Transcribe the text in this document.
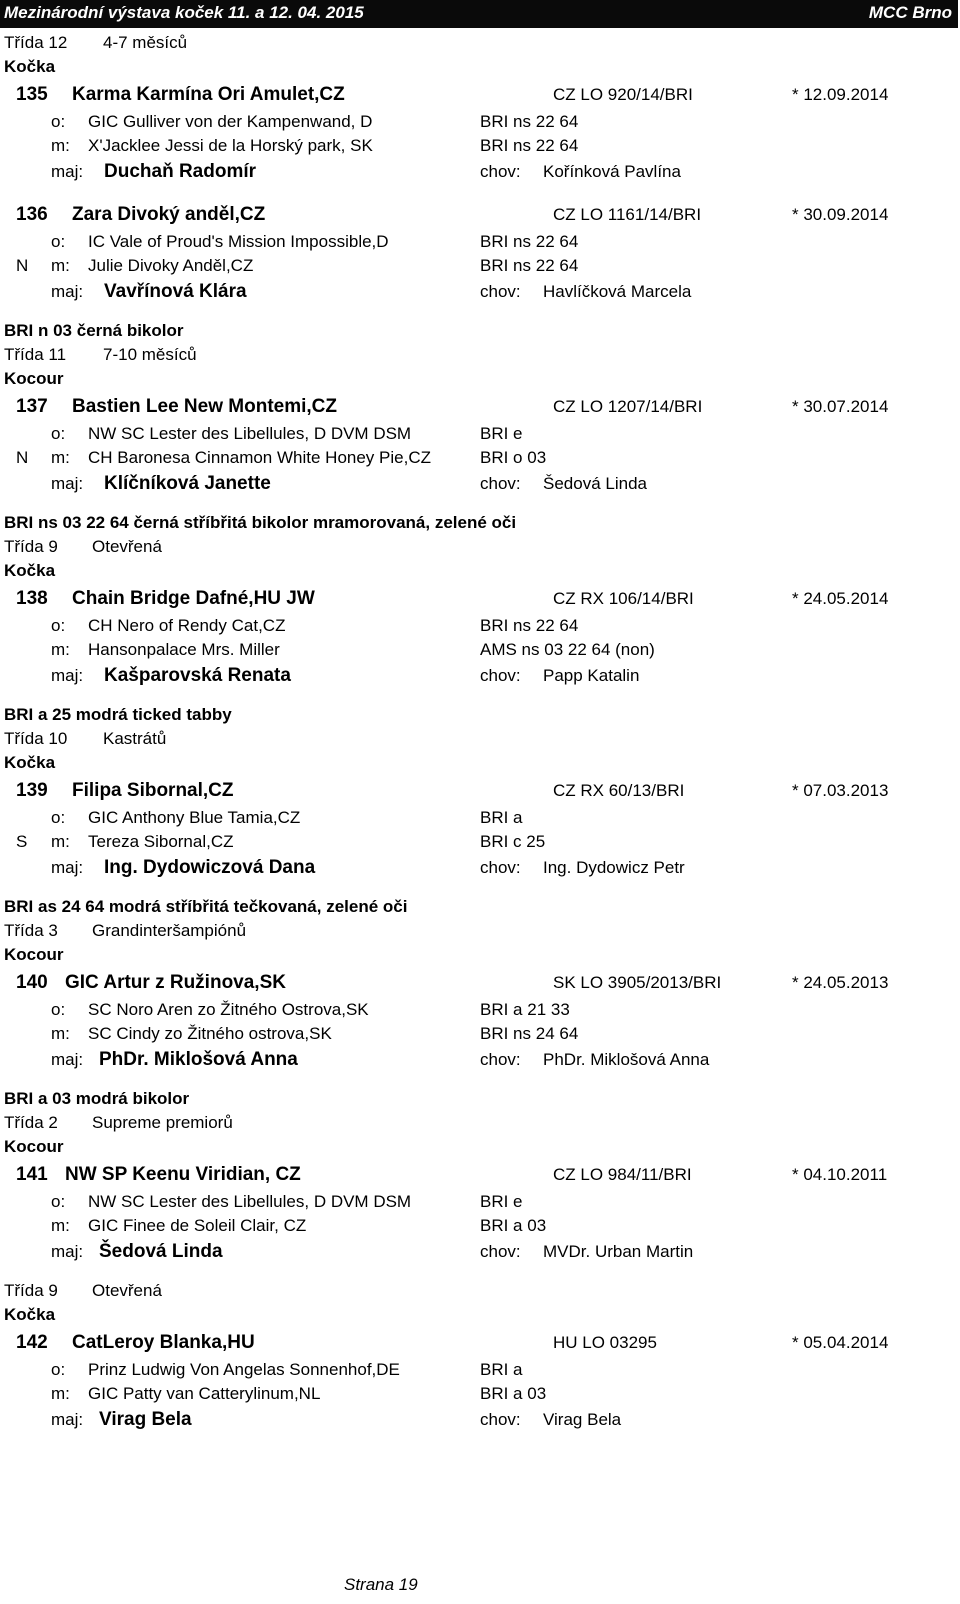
Mezinárodní výstava koček 11. a 12. 04. 2015	MCC Brno
Třída 12 4-7 měsíců
Kočka
135 Karma Karmína Ori Amulet,CZ	CZ LO 920/14/BRI	* 12.09.2014
o: GIC Gulliver von der Kampenwand, D	BRI ns 22 64
m: X'Jacklee Jessi de la Horský park, SK	BRI ns 22 64
maj: Duchaň Radomír	chov: Kořínková Pavlína
136 Zara Divoký anděl,CZ	CZ LO 1161/14/BRI	* 30.09.2014
o: IC Vale of Proud's Mission Impossible,D	BRI ns 22 64
N m: Julie Divoky Anděl,CZ	BRI ns 22 64
maj: Vavřínová Klára	chov: Havlíčková Marcela
BRI n 03 černá bikolor
Třída 11 7-10 měsíců
Kocour
137 Bastien Lee New Montemi,CZ	CZ LO 1207/14/BRI	* 30.07.2014
o: NW SC Lester des Libellules, D DVM DSM	BRI e
N m: CH Baronesa Cinnamon White Honey Pie,CZ	BRI o 03
maj: Klíčníková Janette	chov: Šedová Linda
BRI ns 03 22 64 černá stříbřitá bikolor mramorovaná, zelené oči
Třída 9 Otevřená
Kočka
138 Chain Bridge Dafné,HU JW	CZ RX 106/14/BRI	* 24.05.2014
o: CH Nero of Rendy Cat,CZ	BRI ns 22 64
m: Hansonpalace Mrs. Miller	AMS ns 03 22 64 (non)
maj: Kašparovská Renata	chov: Papp Katalin
BRI a 25 modrá ticked tabby
Třída 10 Kastrátů
Kočka
139 Filipa Sibornal,CZ	CZ RX 60/13/BRI	* 07.03.2013
o: GIC Anthony Blue Tamia,CZ	BRI a
S m: Tereza Sibornal,CZ	BRI c 25
maj: Ing. Dydowiczová Dana	chov: Ing. Dydowicz Petr
BRI as 24 64 modrá stříbřitá tečkovaná, zelené oči
Třída 3 Grandinteršampiónů
Kocour
140 GIC Artur z Ružinova,SK	SK LO 3905/2013/BRI	* 24.05.2013
o: SC Noro Aren zo Žitného Ostrova,SK	BRI a 21 33
m: SC Cindy zo Žitného ostrova,SK	BRI ns 24 64
maj: PhDr. Miklošová Anna	chov: PhDr. Miklošová Anna
BRI a 03 modrá bikolor
Třída 2 Supreme premiorů
Kocour
141 NW SP Keenu Viridian, CZ	CZ LO 984/11/BRI	* 04.10.2011
o: NW SC Lester des Libellules, D DVM DSM	BRI e
m: GIC Finee de Soleil Clair, CZ	BRI a 03
maj: Šedová Linda	chov: MVDr. Urban Martin
Třída 9 Otevřená
Kočka
142 CatLeroy Blanka,HU	HU LO 03295	* 05.04.2014
o: Prinz Ludwig Von Angelas Sonnenhof,DE	BRI a
m: GIC Patty van Catterylinum,NL	BRI a 03
maj: Virag Bela	chov: Virag Bela
Strana 19
